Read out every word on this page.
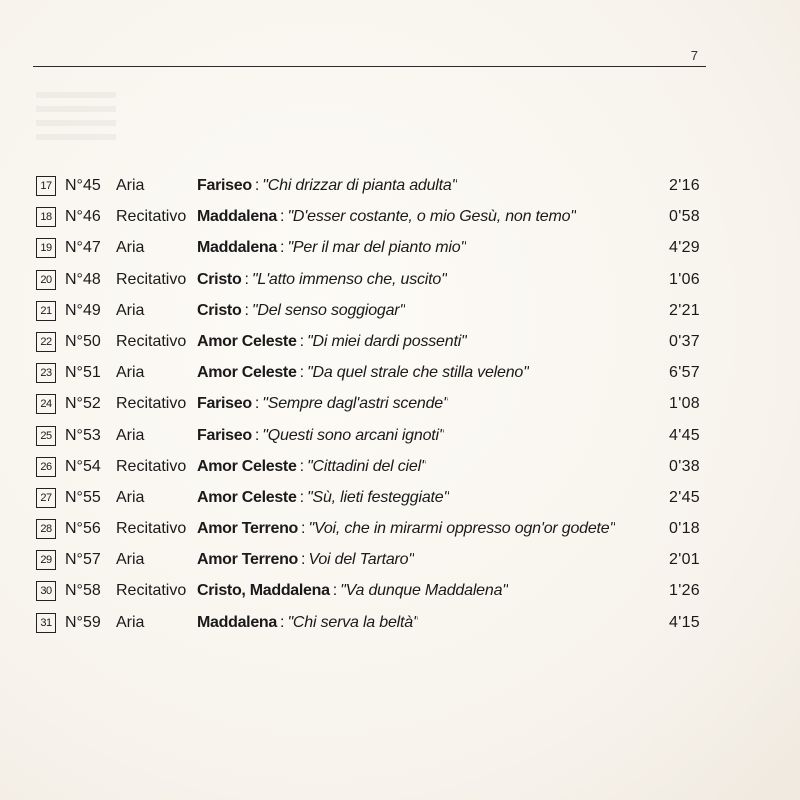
7
17 N°45 Aria	Fariseo : "Chi drizzar di pianta adulta"	2'16
18 N°46 Recitativo Maddalena : "D'esser costante, o mio Gesù, non temo"	0'58
19 N°47 Aria	Maddalena : "Per il mar del pianto mio"	4'29
20 N°48 Recitativo Cristo : "L'atto immenso che, uscito"	1'06
21 N°49 Aria	Cristo : "Del senso soggiogar"	2'21
22 N°50 Recitativo Amor Celeste : "Di miei dardi possenti"	0'37
23 N°51 Aria	Amor Celeste : "Da quel strale che stilla veleno"	6'57
24 N°52 Recitativo Fariseo : "Sempre dagl'astri scende"	1'08
25 N°53 Aria	Fariseo : "Questi sono arcani ignoti"	4'45
26 N°54 Recitativo Amor Celeste : "Cittadini del ciel"	0'38
27 N°55 Aria	Amor Celeste : "Sù, lieti festeggiate"	2'45
28 N°56 Recitativo Amor Terreno : "Voi, che in mirarmi oppresso ogn'or godete"	0'18
29 N°57 Aria	Amor Terreno : Voi del Tartaro"	2'01
30 N°58 Recitativo Cristo, Maddalena : "Va dunque Maddalena"	1'26
31 N°59 Aria	Maddalena : "Chi serva la beltà"	4'15
